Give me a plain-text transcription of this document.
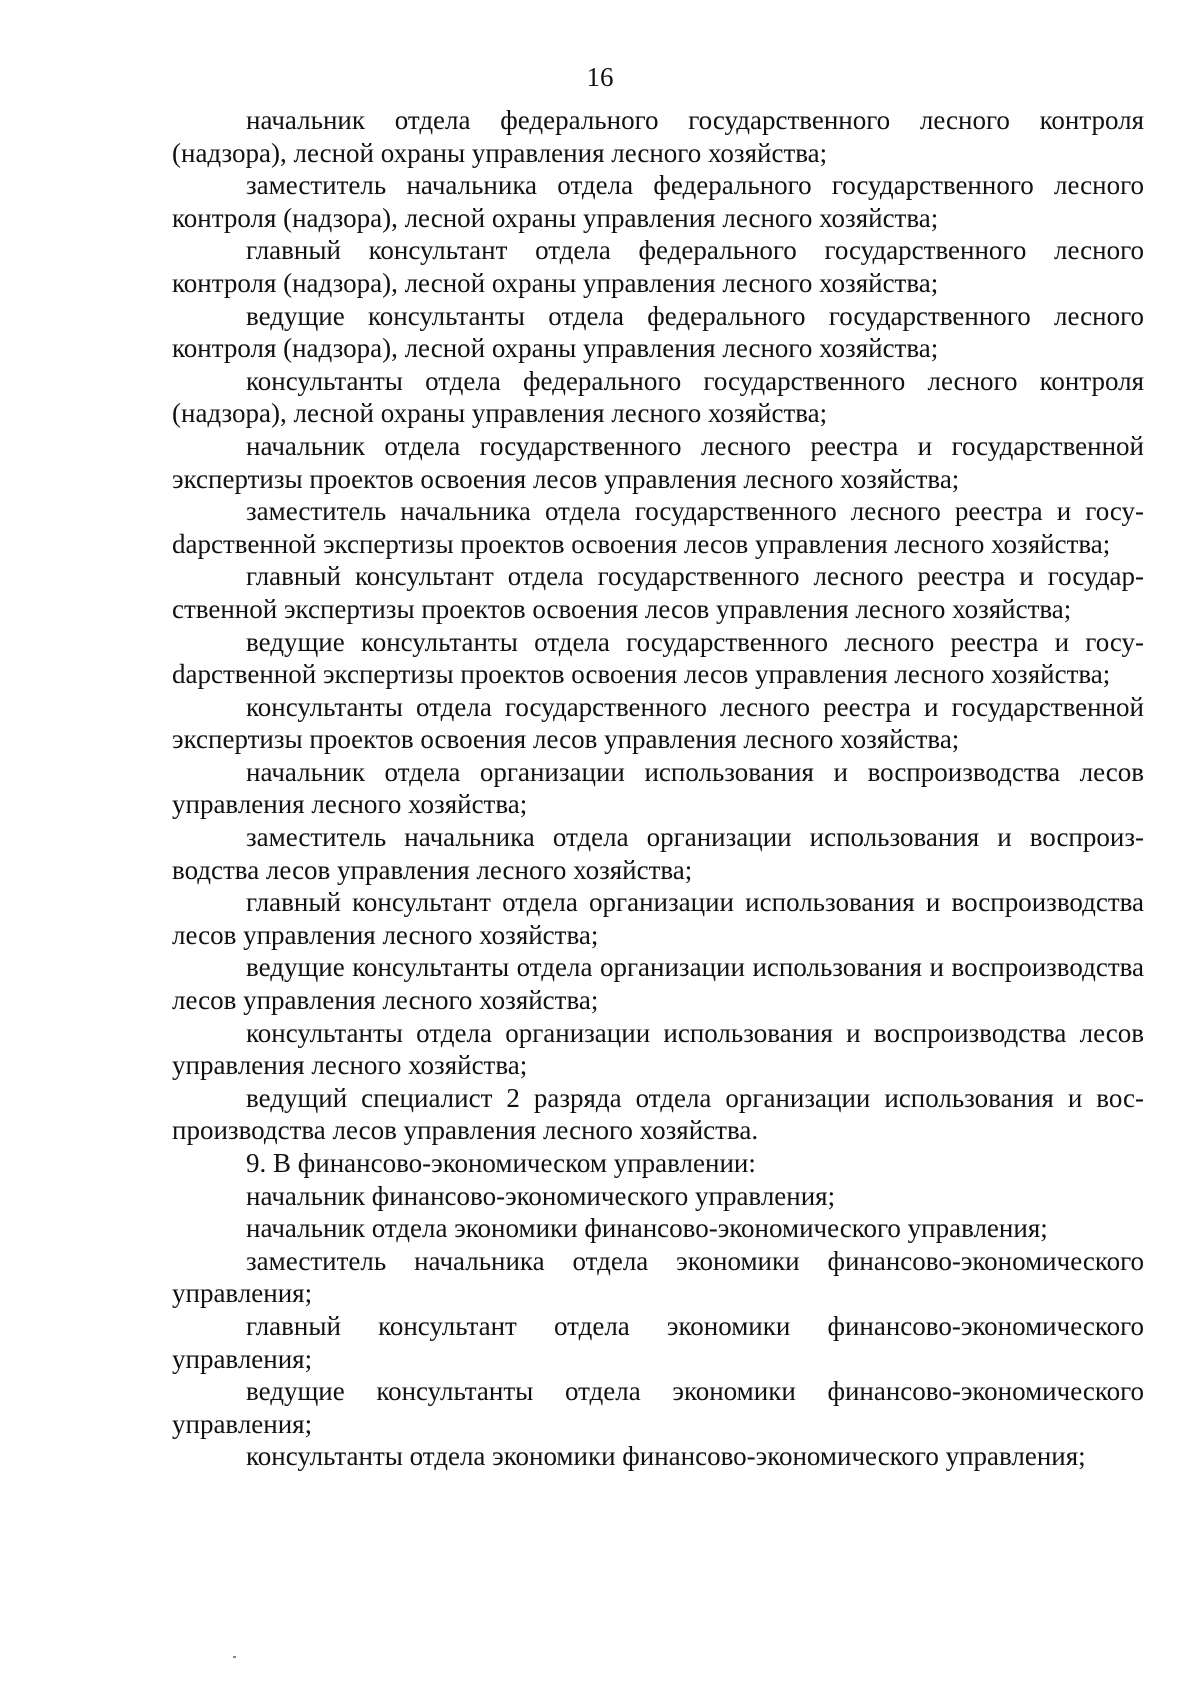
16

начальник отдела федерального государственного лесного контроля (надзора), лесной охраны управления лесного хозяйства;

заместитель начальника отдела федерального государственного лесного контроля (надзора), лесной охраны управления лесного хозяйства;

главный консультант отдела федерального государственного лесного контроля (надзора), лесной охраны управления лесного хозяйства;

ведущие консультанты отдела федерального государственного лесного контроля (надзора), лесной охраны управления лесного хозяйства;

консультанты отдела федерального государственного лесного контроля (надзора), лесной охраны управления лесного хозяйства;

начальник отдела государственного лесного реестра и государственной экспертизы проектов освоения лесов управления лесного хозяйства;

заместитель начальника отдела государственного лесного реестра и госуdарственной экспертизы проектов освоения лесов управления лесного хозяйства;

главный консультант отдела государственного лесного реестра и государственной экспертизы проектов освоения лесов управления лесного хозяйства;

ведущие консультанты отдела государственного лесного реестра и госуdарственной экспертизы проектов освоения лесов управления лесного хозяйства;

консультанты отдела государственного лесного реестра и государственной экспертизы проектов освоения лесов управления лесного хозяйства;

начальник отдела организации использования и воспроизводства лесов управления лесного хозяйства;

заместитель начальника отдела организации использования и воспроизводства лесов управления лесного хозяйства;

главный консультант отдела организации использования и воспроизводства лесов управления лесного хозяйства;

ведущие консультанты отдела организации использования и воспроизводства лесов управления лесного хозяйства;

консультанты отдела организации использования и воспроизводства лесов управления лесного хозяйства;

ведущий специалист 2 разряда отдела организации использования и воспроизводства лесов управления лесного хозяйства.

9. В финансово-экономическом управлении:

начальник финансово-экономического управления;

начальник отдела экономики финансово-экономического управления;

заместитель начальника отдела экономики финансово-экономического управления;

главный консультант отдела экономики финансово-экономического управления;

ведущие консультанты отдела экономики финансово-экономического управления;

консультанты отдела экономики финансово-экономического управления;
